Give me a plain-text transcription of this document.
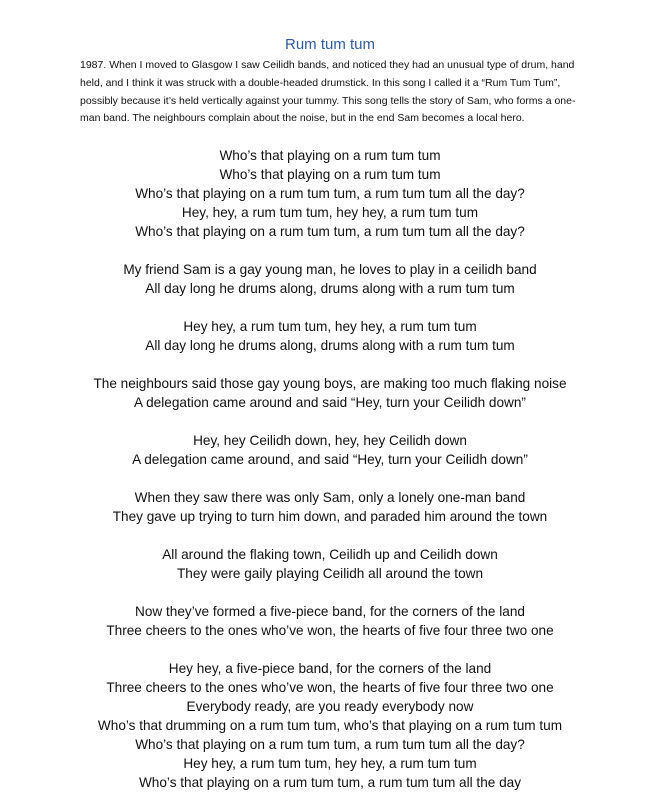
Rum tum tum

1987. When I moved to Glasgow I saw Ceilidh bands, and noticed they had an unusual type of drum, hand held, and I think it was struck with a double-headed drumstick. In this song I called it a “Rum Tum Tum”, possibly because it’s held vertically against your tummy. This song tells the story of Sam, who forms a one-man band. The neighbours complain about the noise, but in the end Sam becomes a local hero.

Who’s that playing on a rum tum tum
Who’s that playing on a rum tum tum
Who’s that playing on a rum tum tum, a rum tum tum all the day?
Hey, hey, a rum tum tum, hey hey, a rum tum tum
Who’s that playing on a rum tum tum, a rum tum tum all the day?
My friend Sam is a gay young man, he loves to play in a ceilidh band
All day long he drums along, drums along with a rum tum tum
Hey hey, a rum tum tum, hey hey, a rum tum tum
All day long he drums along, drums along with a rum tum tum
The neighbours said those gay young boys, are making too much flaking noise
A delegation came around and said “Hey, turn your Ceilidh down”
Hey, hey Ceilidh down, hey, hey Ceilidh down
A delegation came around, and said “Hey, turn your Ceilidh down”
When they saw there was only Sam, only a lonely one-man band
They gave up trying to turn him down, and paraded him around the town
All around the flaking town, Ceilidh up and Ceilidh down
They were gaily playing Ceilidh all around the town
Now they’ve formed a five-piece band, for the corners of the land
Three cheers to the ones who’ve won, the hearts of five four three two one
Hey hey, a five-piece band, for the corners of the land
Three cheers to the ones who’ve won, the hearts of five four three two one
Everybody ready, are you ready everybody now
Who’s that drumming on a rum tum tum, who’s that playing on a rum tum tum
Who’s that playing on a rum tum tum, a rum tum tum all the day?
Hey hey, a rum tum tum, hey hey, a rum tum tum
Who’s that playing on a rum tum tum, a rum tum tum all the day
